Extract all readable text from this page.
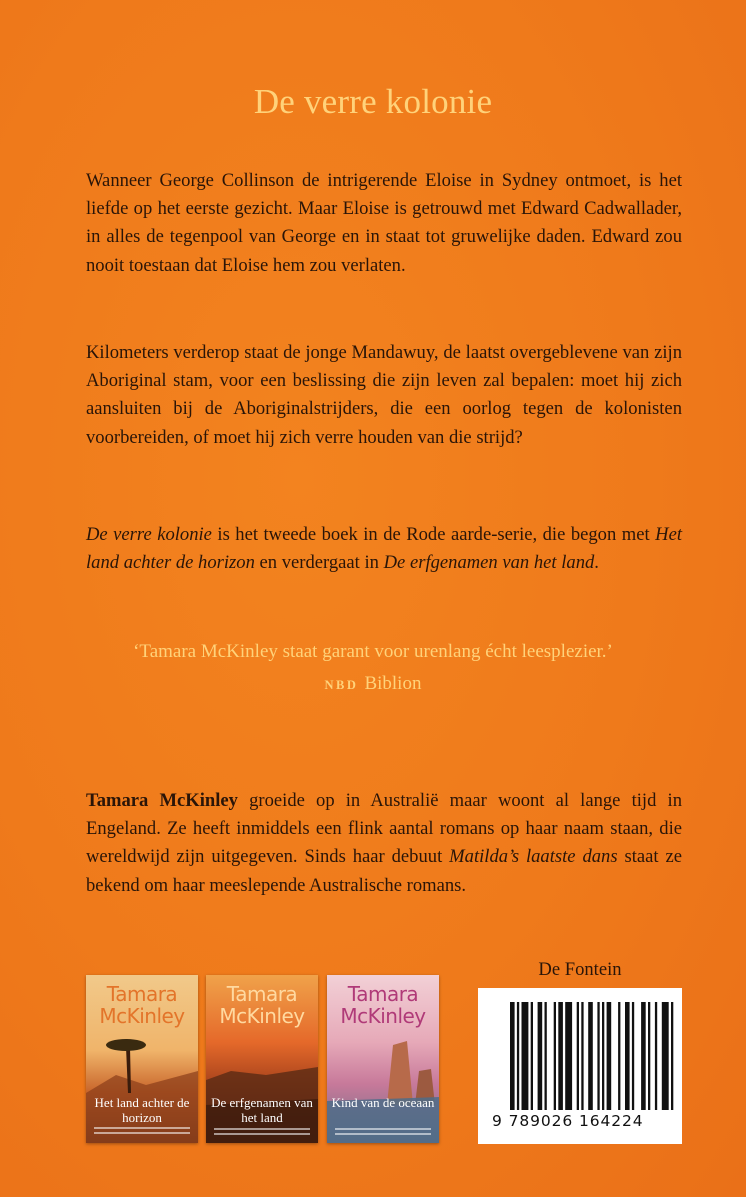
De verre kolonie

Wanneer George Collinson de intrigerende Eloise in Sydney ontmoet, is het liefde op het eerste gezicht. Maar Eloise is getrouwd met Edward Cadwallader, in alles de tegenpool van George en in staat tot gruwelijke daden. Edward zou nooit toestaan dat Eloise hem zou verlaten.

Kilometers verderop staat de jonge Mandawuy, de laatst overgeblevene van zijn Aboriginal stam, voor een beslissing die zijn leven zal bepalen: moet hij zich aansluiten bij de Aboriginalstrijders, die een oorlog tegen de kolonisten voorbereiden, of moet hij zich verre houden van die strijd?

De verre kolonie is het tweede boek in de Rode aarde-serie, die begon met Het land achter de horizon en verdergaat in De erfgenamen van het land.

‘Tamara McKinley staat garant voor urenlang écht leesplezier.’

NBD Biblion

Tamara McKinley groeide op in Australië maar woont al lange tijd in Engeland. Ze heeft inmiddels een flink aantal romans op haar naam staan, die wereldwijd zijn uitgegeven. Sinds haar debuut Matilda’s laatste dans staat ze bekend om haar meeslepende Australische romans.

Tamara
McKinley
Het land achter de horizon
Tamara
McKinley
De erfgenamen van het land
Tamara
McKinley
Kind van de oceaan

De Fontein

9 789026 164224
